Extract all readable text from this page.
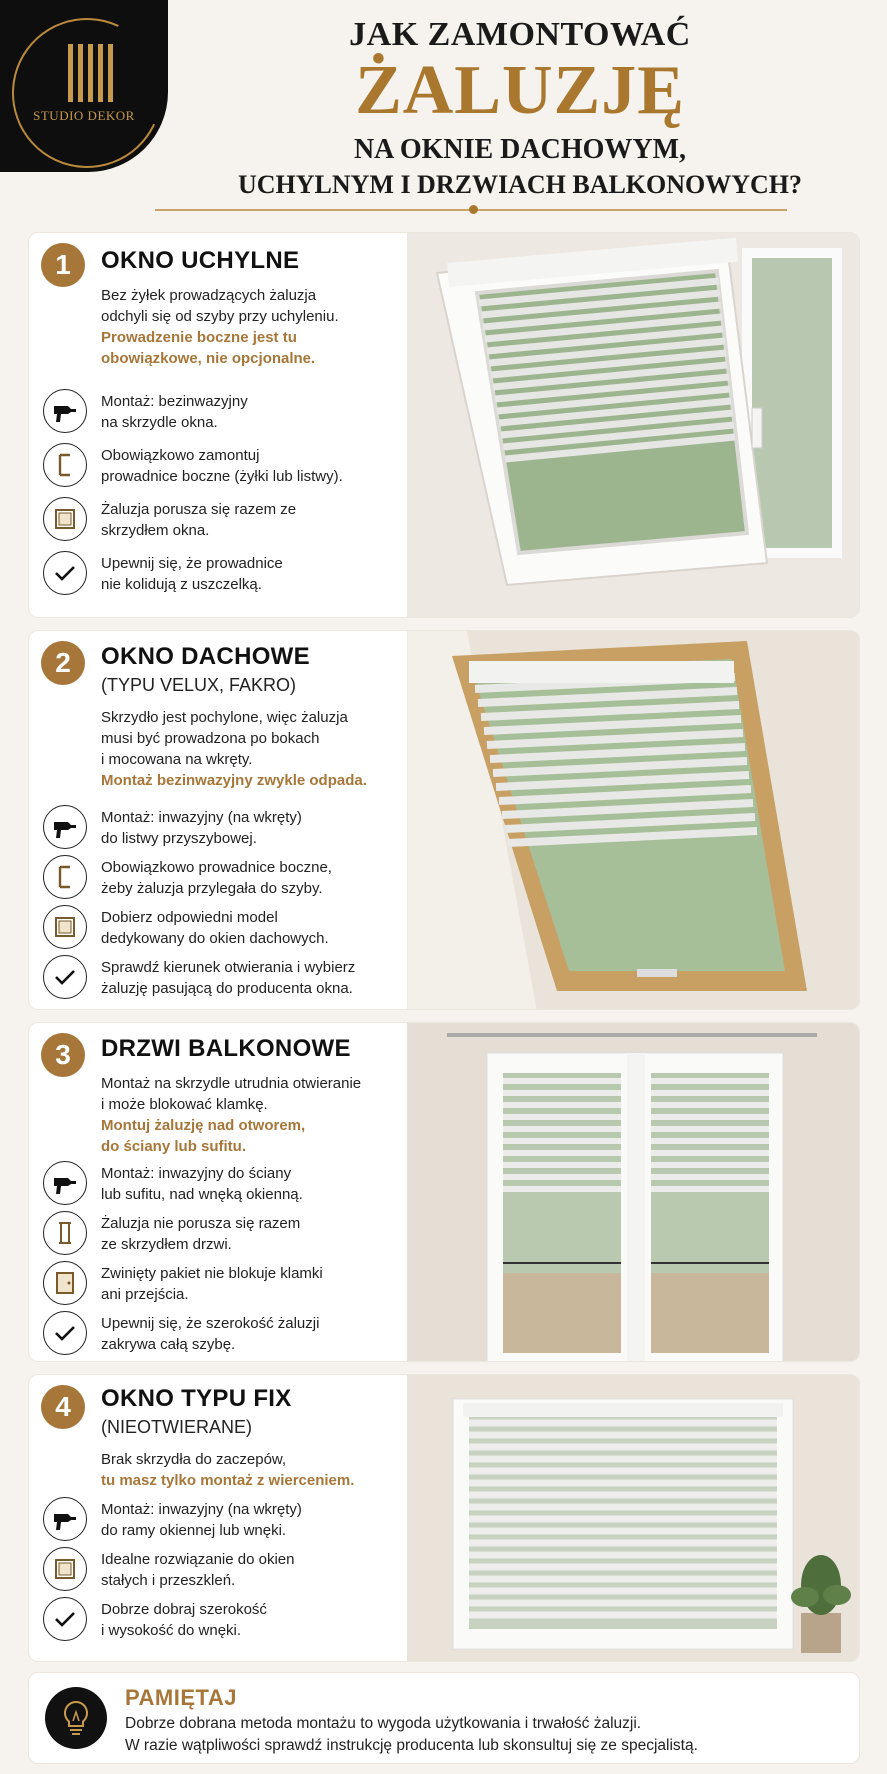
STUDIO DEKOR
JAK ZAMONTOWAĆ
ŻALUZJĘ
NA OKNIE DACHOWYM,
UCHYLNYM I DRZWIACH BALKONOWYCH?
1	OKNO UCHYLNE
Bez żyłek prowadzących żaluzja
odchyli się od szyby przy uchyleniu.
Prowadzenie boczne jest tu
obowiązkowe, nie opcjonalne.
Montaż: bezinwazyjny
na skrzydle okna.
Obowiązkowo zamontuj
prowadnice boczne (żyłki lub listwy).
Żaluzja porusza się razem ze
skrzydłem okna.
Upewnij się, że prowadnice
nie kolidują z uszczelką.
2	OKNO DACHOWE
(TYPU VELUX, FAKRO)
Skrzydło jest pochylone, więc żaluzja
musi być prowadzona po bokach
i mocowana na wkręty.
Montaż bezinwazyjny zwykle odpada.
Montaż: inwazyjny (na wkręty)
do listwy przyszybowej.
Obowiązkowo prowadnice boczne,
żeby żaluzja przylegała do szyby.
Dobierz odpowiedni model
dedykowany do okien dachowych.
Sprawdź kierunek otwierania i wybierz
żaluzję pasującą do producenta okna.
3	DRZWI BALKONOWE
Montaż na skrzydle utrudnia otwieranie
i może blokować klamkę.
Montuj żaluzję nad otworem,
do ściany lub sufitu.
Montaż: inwazyjny do ściany
lub sufitu, nad wnęką okienną.
Żaluzja nie porusza się razem
ze skrzydłem drzwi.
Zwinięty pakiet nie blokuje klamki
ani przejścia.
Upewnij się, że szerokość żaluzji
zakrywa całą szybę.
4	OKNO TYPU FIX
(NIEOTWIERANE)
Brak skrzydła do zaczepów,
tu masz tylko montaż z wierceniem.
Montaż: inwazyjny (na wkręty)
do ramy okiennej lub wnęki.
Idealne rozwiązanie do okien
stałych i przeszkleń.
Dobrze dobraj szerokość
i wysokość do wnęki.
PAMIĘTAJ
Dobrze dobrana metoda montażu to wygoda użytkowania i trwałość żaluzji.
W razie wątpliwości sprawdź instrukcję producenta lub skonsultuj się ze specjalistą.
